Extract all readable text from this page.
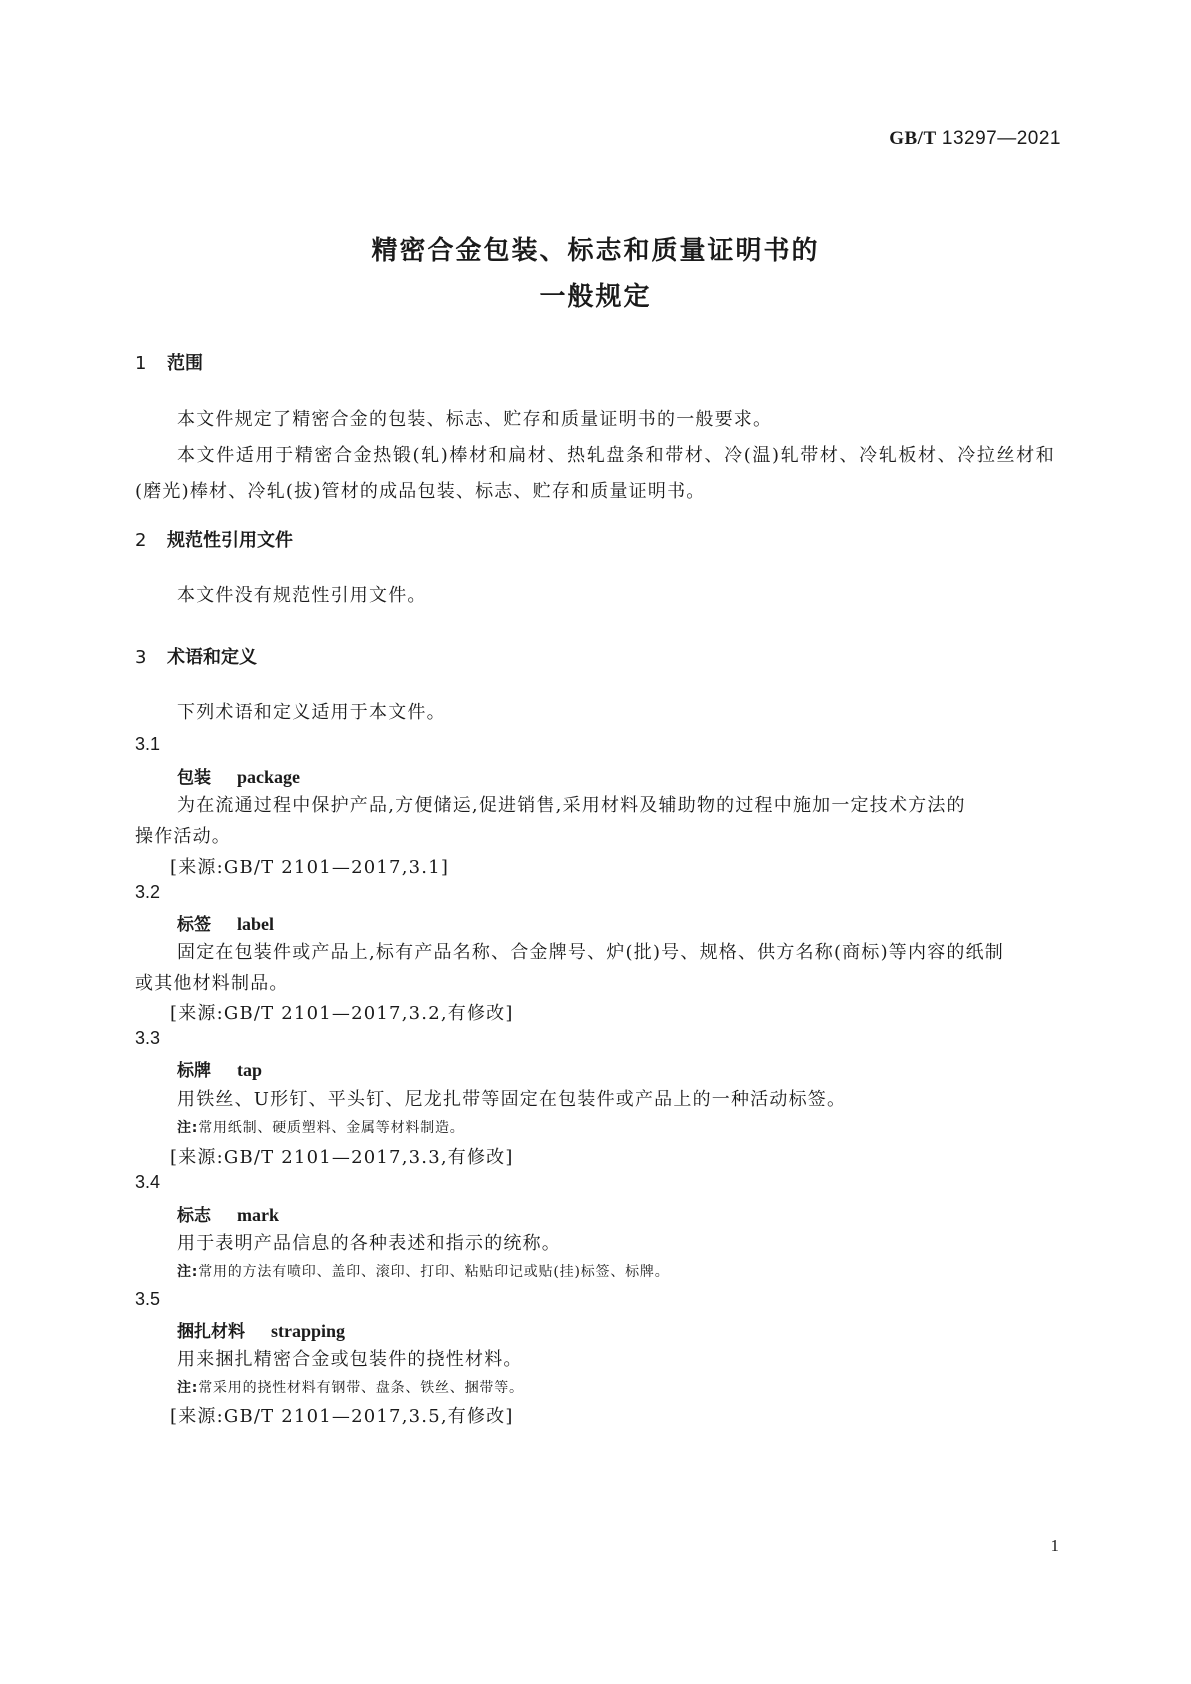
GB/T 13297—2021
精密合金包装、标志和质量证明书的
一般规定
1 范围
本文件规定了精密合金的包装、标志、贮存和质量证明书的一般要求。
本文件适用于精密合金热锻(轧)棒材和扁材、热轧盘条和带材、冷(温)轧带材、冷轧板材、冷拉丝材和(磨光)棒材、冷轧(拔)管材的成品包装、标志、贮存和质量证明书。
2 规范性引用文件
本文件没有规范性引用文件。
3 术语和定义
下列术语和定义适用于本文件。
3.1
包装 package
为在流通过程中保护产品,方便储运,促进销售,采用材料及辅助物的过程中施加一定技术方法的
操作活动。
[来源:GB/T 2101—2017,3.1]
3.2
标签 label
固定在包装件或产品上,标有产品名称、合金牌号、炉(批)号、规格、供方名称(商标)等内容的纸制
或其他材料制品。
[来源:GB/T 2101—2017,3.2,有修改]
3.3
标牌 tap
用铁丝、U形钉、平头钉、尼龙扎带等固定在包装件或产品上的一种活动标签。
注:常用纸制、硬质塑料、金属等材料制造。
[来源:GB/T 2101—2017,3.3,有修改]
3.4
标志 mark
用于表明产品信息的各种表述和指示的统称。
注:常用的方法有喷印、盖印、滚印、打印、粘贴印记或贴(挂)标签、标牌。
3.5
捆扎材料 strapping
用来捆扎精密合金或包装件的挠性材料。
注:常采用的挠性材料有钢带、盘条、铁丝、捆带等。
[来源:GB/T 2101—2017,3.5,有修改]
1
